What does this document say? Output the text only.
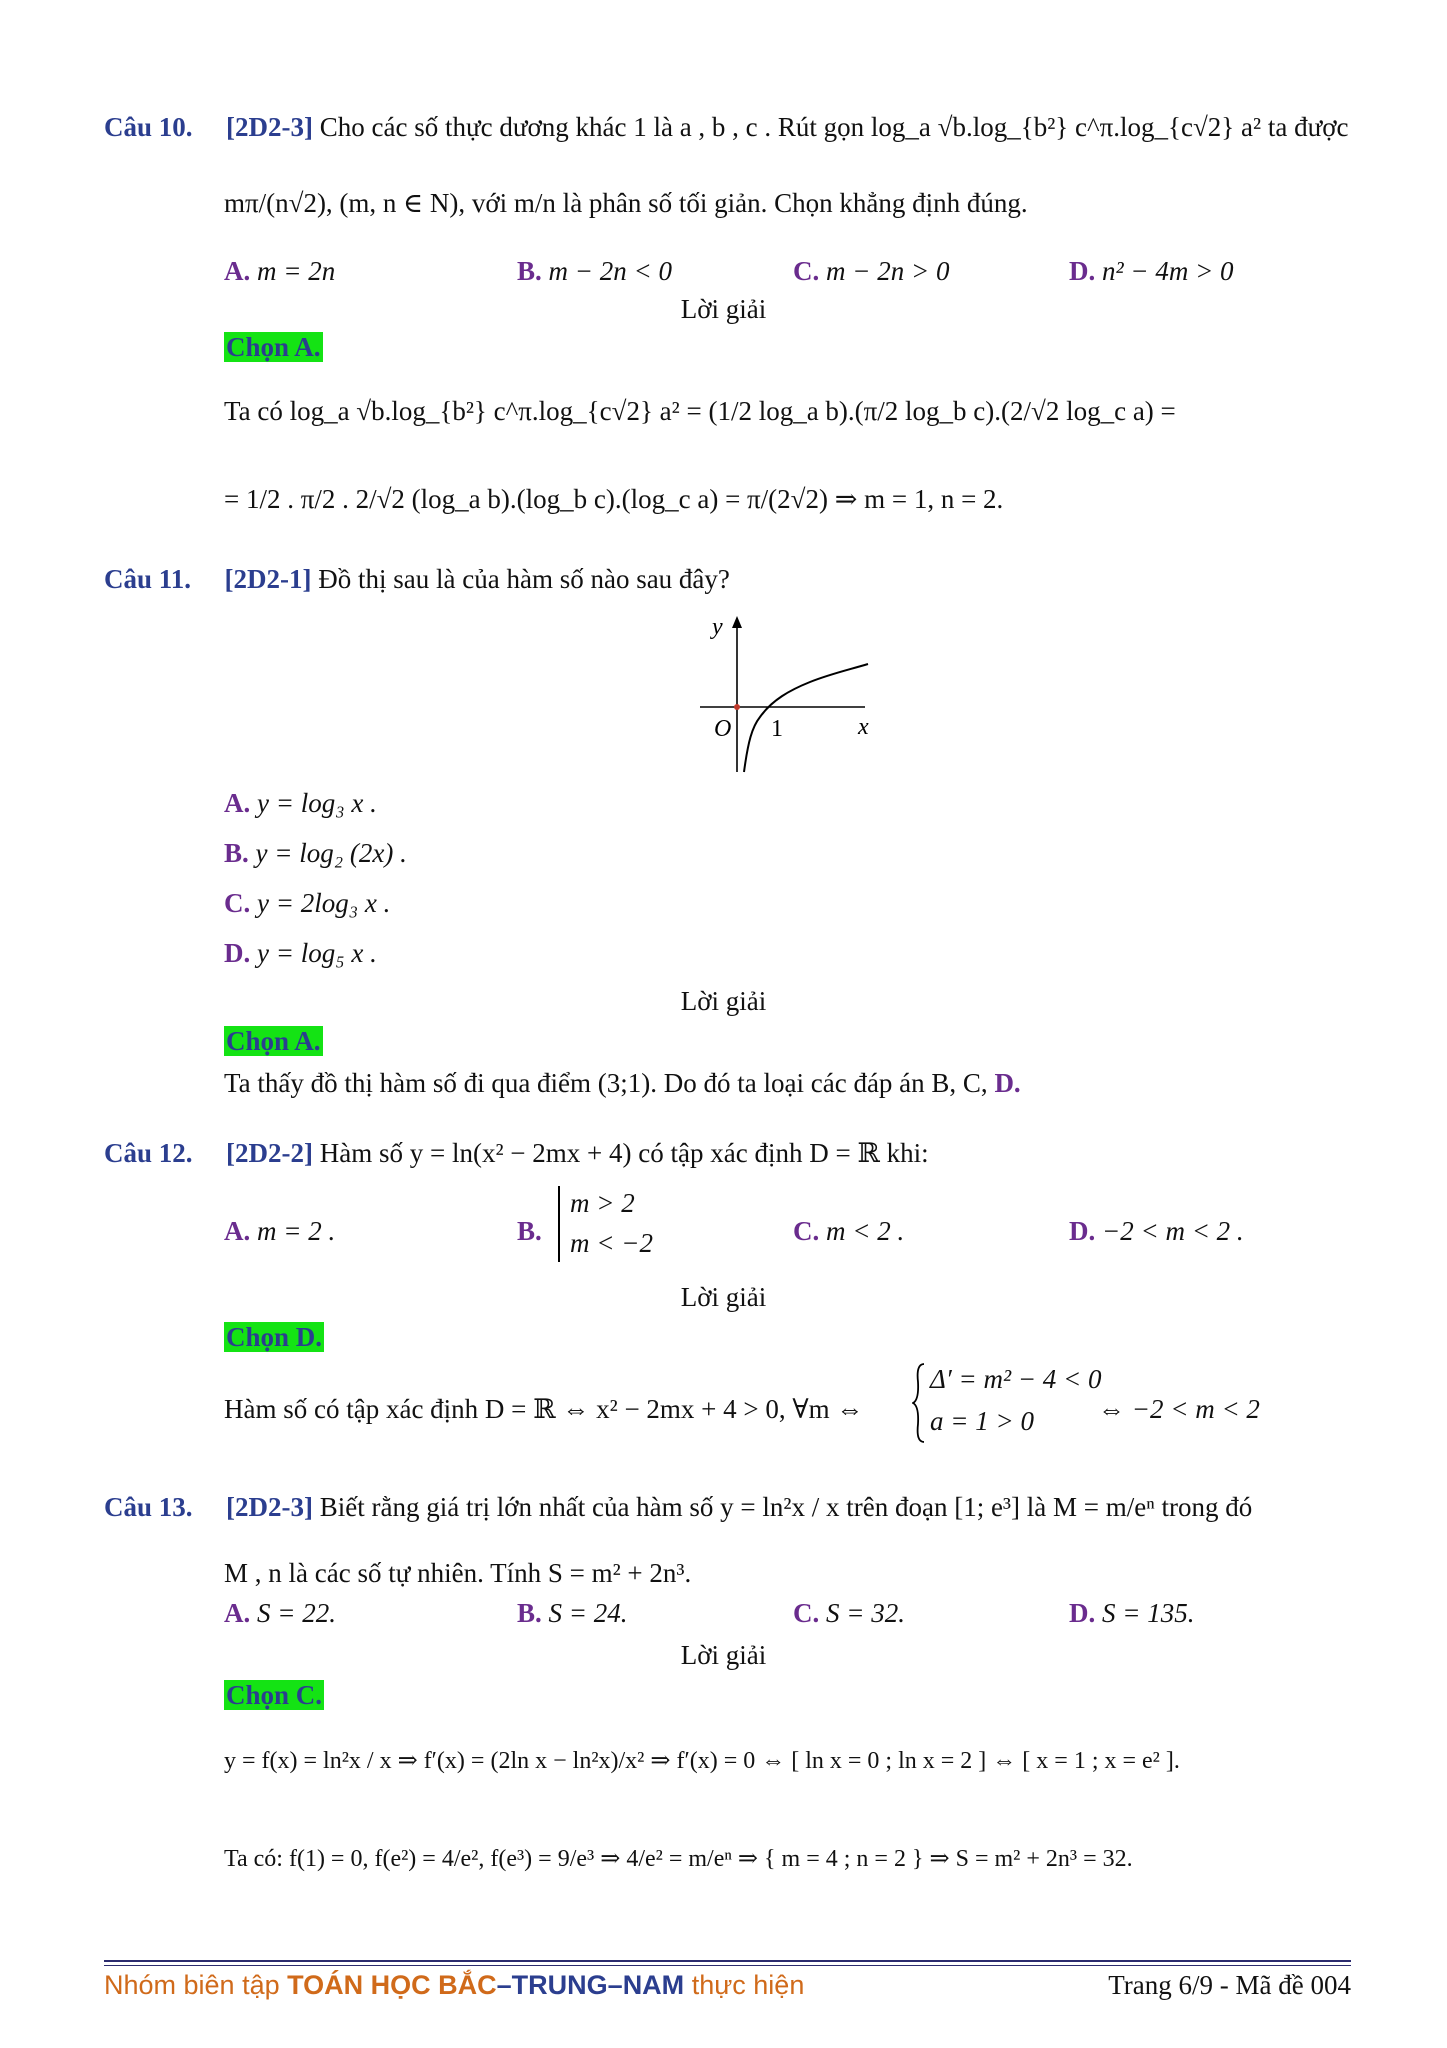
Câu 10. [2D2-3] Cho các số thực dương khác 1 là a , b , c . Rút gọn log_a √b.log_{b²} c^π.log_{c√2} a² ta được
mπ/(n√2), (m, n ∈ N), với m/n là phân số tối giản. Chọn khẳng định đúng.
A. m = 2n	B. m − 2n < 0	C. m − 2n > 0	D. n² − 4m > 0
Lời giải
Chọn A.
Ta có log_a √b.log_{b²} c^π.log_{c√2} a² = (1/2 log_a b).(π/2 log_b c).(2/√2 log_c a) =
= 1/2 . π/2 . 2/√2 (log_a b).(log_b c).(log_c a) = π/(2√2) ⇒ m = 1, n = 2.
Câu 11. [2D2-1] Đồ thị sau là của hàm số nào sau đây?
y
x
O 1
A. y = log₃ x .
B. y = log₂ (2x) .
C. y = 2log₃ x .
D. y = log₅ x .
Lời giải
Chọn A.
Ta thấy đồ thị hàm số đi qua điểm (3;1). Do đó ta loại các đáp án B, C, D.
Câu 12. [2D2-2] Hàm số y = ln(x² − 2mx + 4) có tập xác định D = ℝ khi:
A. m = 2 .	B.
m > 2
m < −2	C. m < 2 .	D. −2 < m < 2 .
Lời giải
Chọn D.
Hàm số có tập xác định D = ℝ ⇔ x² − 2mx + 4 > 0, ∀m ⇔
Δ′ = m² − 4 < 0
a = 1 > 0 ⇔ −2 < m < 2
Câu 13. [2D2-3] Biết rằng giá trị lớn nhất của hàm số y = ln²x / x trên đoạn [1; e³] là M = m/eⁿ trong đó
M , n là các số tự nhiên. Tính S = m² + 2n³.
A. S = 22.	B. S = 24.	C. S = 32.	D. S = 135.
Lời giải
Chọn C.
y = f(x) = ln²x / x ⇒ f′(x) = (2ln x − ln²x)/x² ⇒ f′(x) = 0 ⇔ [ ln x = 0 ; ln x = 2 ] ⇔ [ x = 1 ; x = e² ].
Ta có: f(1) = 0, f(e²) = 4/e², f(e³) = 9/e³ ⇒ 4/e² = m/eⁿ ⇒ { m = 4 ; n = 2 } ⇒ S = m² + 2n³ = 32.
Nhóm biên tập TOÁN HỌC BẮC–TRUNG–NAM thực hiện	Trang 6/9 - Mã đề 004
